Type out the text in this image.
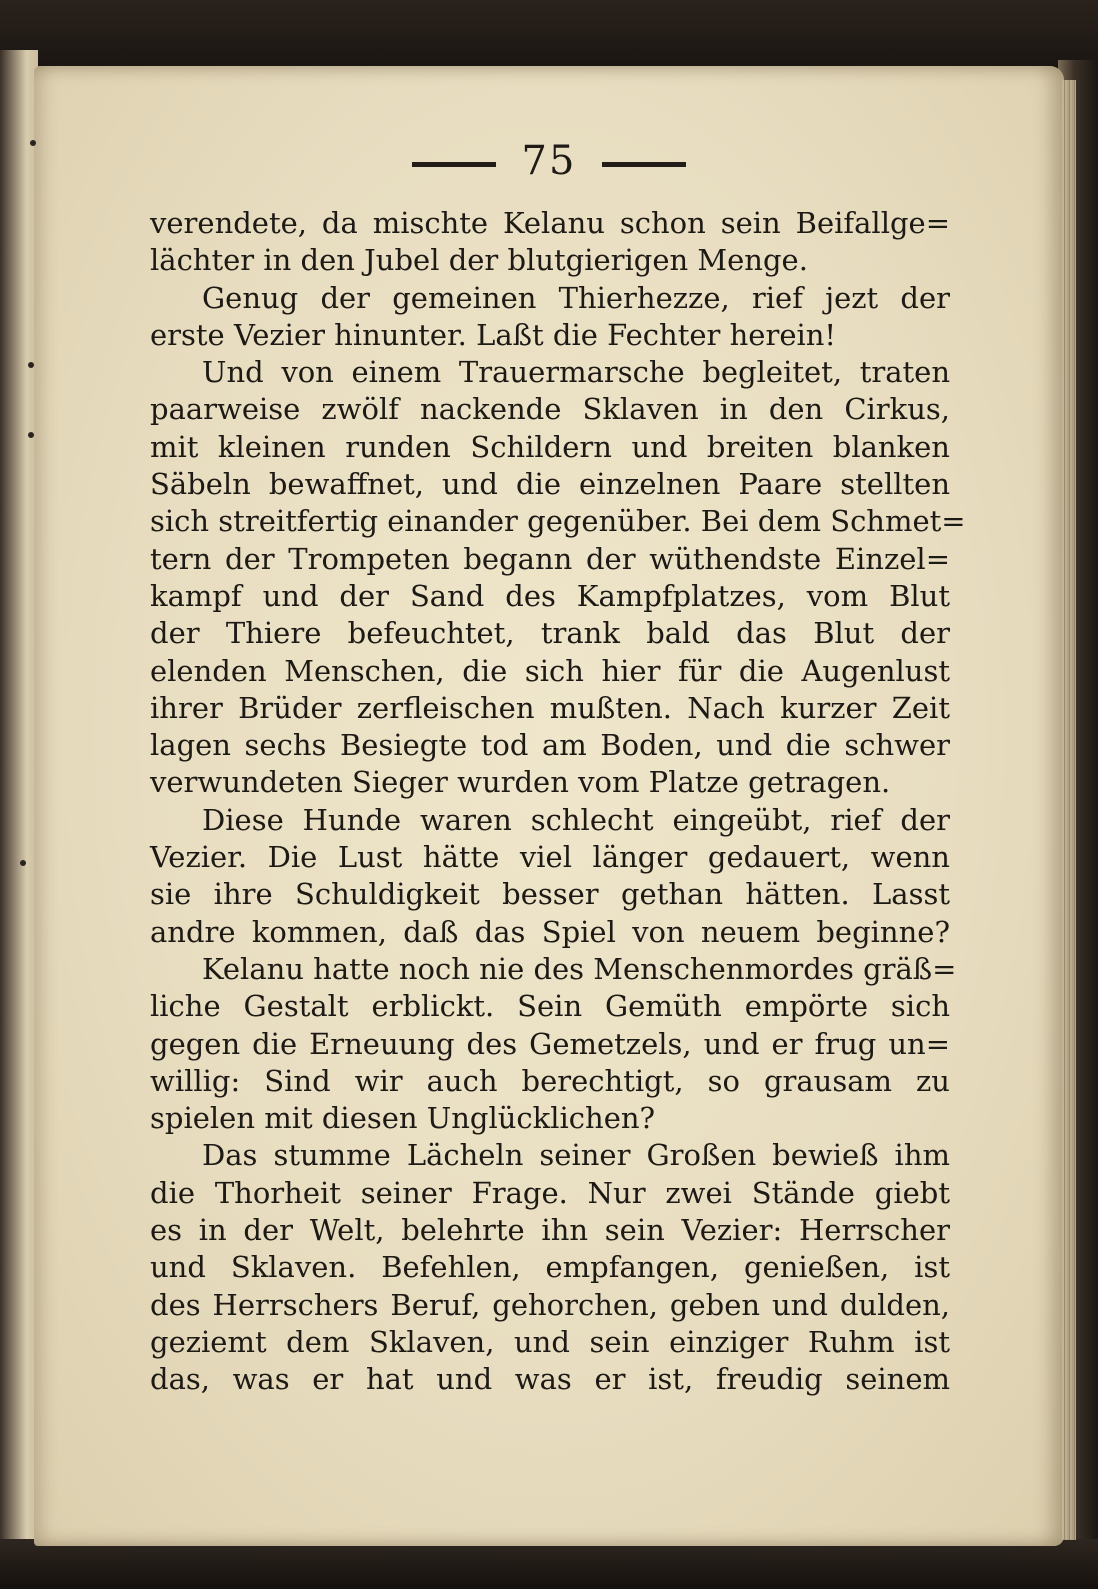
75
verendete, da mischte Kelanu schon sein Beifallge=
lächter in den Jubel der blutgierigen Menge.
Genug der gemeinen Thierhezze, rief jezt der
erste Vezier hinunter. Laßt die Fechter herein!
Und von einem Trauermarsche begleitet, traten
paarweise zwölf nackende Sklaven in den Cirkus,
mit kleinen runden Schildern und breiten blanken
Säbeln bewaffnet, und die einzelnen Paare stellten
sich streitfertig einander gegenüber. Bei dem Schmet=
tern der Trompeten begann der wüthendste Einzel=
kampf und der Sand des Kampfplatzes, vom Blut
der Thiere befeuchtet, trank bald das Blut der
elenden Menschen, die sich hier für die Augenlust
ihrer Brüder zerfleischen mußten. Nach kurzer Zeit
lagen sechs Besiegte tod am Boden, und die schwer
verwundeten Sieger wurden vom Platze getragen.
Diese Hunde waren schlecht eingeübt, rief der
Vezier. Die Lust hätte viel länger gedauert, wenn
sie ihre Schuldigkeit besser gethan hätten. Lasst
andre kommen, daß das Spiel von neuem beginne?
Kelanu hatte noch nie des Menschenmordes gräß=
liche Gestalt erblickt. Sein Gemüth empörte sich
gegen die Erneuung des Gemetzels, und er frug un=
willig: Sind wir auch berechtigt, so grausam zu
spielen mit diesen Unglücklichen?
Das stumme Lächeln seiner Großen bewieß ihm
die Thorheit seiner Frage. Nur zwei Stände giebt
es in der Welt, belehrte ihn sein Vezier: Herrscher
und Sklaven. Befehlen, empfangen, genießen, ist
des Herrschers Beruf, gehorchen, geben und dulden,
geziemt dem Sklaven, und sein einziger Ruhm ist
das, was er hat und was er ist, freudig seinem
